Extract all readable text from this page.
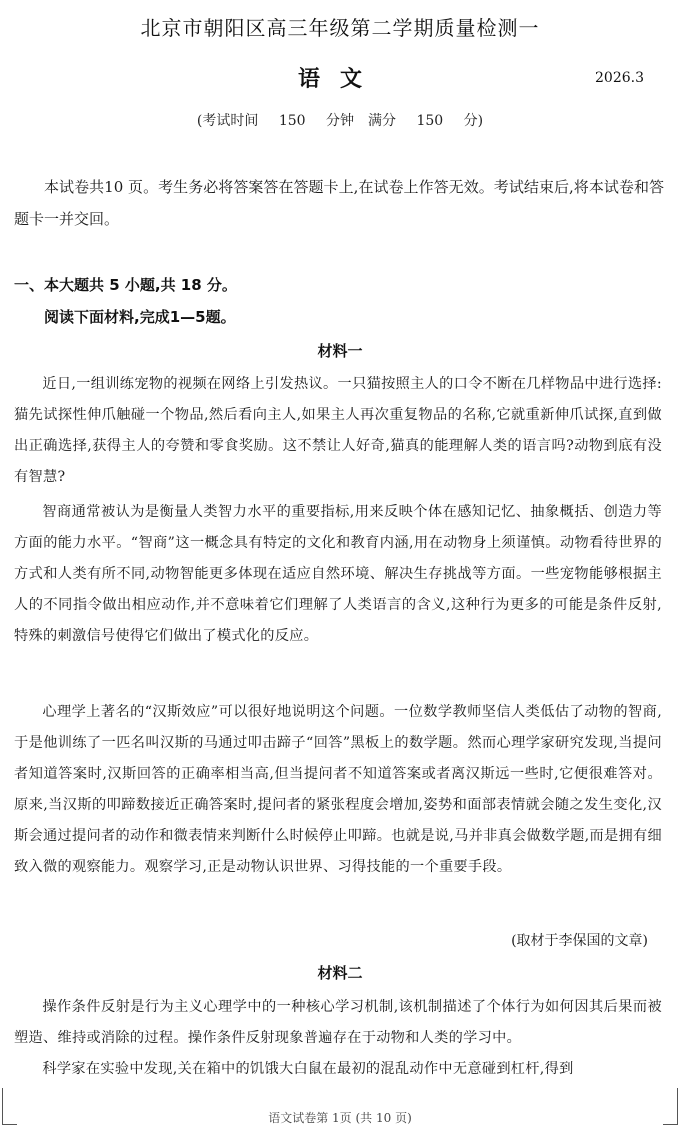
北京市朝阳区高三年级第二学期质量检测一
语文	2026.3
(考试时间 150 分钟　满分 150 分)
本试卷共10 页。考生务必将答案答在答题卡上,在试卷上作答无效。考试结束后,将本试卷和答题卡一并交回。
一、本大题共 5 小题,共 18 分。
阅读下面材料,完成1—5题。
材料一
近日,一组训练宠物的视频在网络上引发热议。一只猫按照主人的口令不断在几样物品中进行选择:猫先试探性伸爪触碰一个物品,然后看向主人,如果主人再次重复物品的名称,它就重新伸爪试探,直到做出正确选择,获得主人的夸赞和零食奖励。这不禁让人好奇,猫真的能理解人类的语言吗?动物到底有没有智慧?
智商通常被认为是衡量人类智力水平的重要指标,用来反映个体在感知记忆、抽象概括、创造力等方面的能力水平。“智商”这一概念具有特定的文化和教育内涵,用在动物身上须谨慎。动物看待世界的方式和人类有所不同,动物智能更多体现在适应自然环境、解决生存挑战等方面。一些宠物能够根据主人的不同指令做出相应动作,并不意味着它们理解了人类语言的含义,这种行为更多的可能是条件反射,特殊的刺激信号使得它们做出了模式化的反应。
心理学上著名的“汉斯效应”可以很好地说明这个问题。一位数学教师坚信人类低估了动物的智商,于是他训练了一匹名叫汉斯的马通过叩击蹄子“回答”黑板上的数学题。然而心理学家研究发现,当提问者知道答案时,汉斯回答的正确率相当高,但当提问者不知道答案或者离汉斯远一些时,它便很难答对。原来,当汉斯的叩蹄数接近正确答案时,提问者的紧张程度会增加,姿势和面部表情就会随之发生变化,汉斯会通过提问者的动作和微表情来判断什么时候停止叩蹄。也就是说,马并非真会做数学题,而是拥有细致入微的观察能力。观察学习,正是动物认识世界、习得技能的一个重要手段。
(取材于李保国的文章)
材料二
操作条件反射是行为主义心理学中的一种核心学习机制,该机制描述了个体行为如何因其后果而被塑造、维持或消除的过程。操作条件反射现象普遍存在于动物和人类的学习中。
科学家在实验中发现,关在箱中的饥饿大白鼠在最初的混乱动作中无意碰到杠杆,得到
语文试卷第 1页 (共 10 页)
